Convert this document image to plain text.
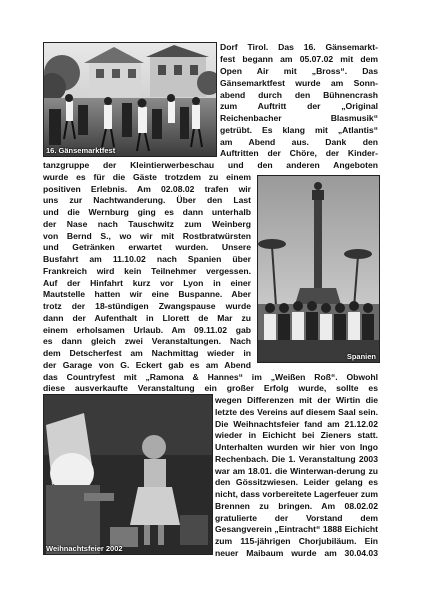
16. Gänsemarktfest
Spanien
Weihnachtsfeier 2002
Dorf Tirol. Das 16. Gänsemarkt-
fest begann am 05.07.02 mit dem
Open Air mit „Bross“. Das
Gänsemarktfest wurde am Sonn-
abend durch den Bühnencrash
zum Auftritt der „Original
Reichenbacher Blasmusik“
getrübt. Es klang mit „Atlantis“
am Abend aus. Dank den
Auftritten der Chöre, der Kinder-
tanzgruppe der Kleintierwerbeschau und den anderen Angeboten
wurde es für die Gäste trotzdem zu einem
positiven Erlebnis. Am 02.08.02 trafen wir
uns zur Nachtwanderung. Über den Last
und die Wernburg ging es dann unterhalb
der Nase nach Tauschwitz zum Weinberg
von Bernd S., wo wir mit Rostbratwürsten
und Getränken erwartet wurden. Unsere
Busfahrt am 11.10.02 nach Spanien über
Frankreich wird kein Teilnehmer vergessen.
Auf der Hinfahrt kurz vor Lyon in einer
Mautstelle hatten wir eine Buspanne. Aber
trotz der 18-stündigen Zwangspause wurde
dann der Aufenthalt in Llorett de Mar zu
einem erholsamen Urlaub. Am 09.11.02 gab
es dann gleich zwei Veranstaltungen. Nach
dem Detscherfest am Nachmittag wieder in
der Garage von G. Eckert gab es am Abend
das Countryfest mit „Ramona & Hannes“ im „Weißen Roß“. Obwohl
diese ausverkaufte Veranstaltung ein großer Erfolg wurde, sollte es
wegen Differenzen mit der Wirtin die
letzte des Vereins auf diesem Saal sein.
Die Weihnachtsfeier fand am 21.12.02
wieder in Eichicht bei Zieners statt.
Unterhalten wurden wir hier von Ingo
Rechenbach. Die 1. Veranstaltung 2003
war am 18.01. die Winterwan-derung zu
den Gössitzwiesen. Leider gelang es
nicht, dass vorbereitete Lagerfeuer zum
Brennen zu bringen. Am 08.02.02
gratulierte der Vorstand dem
Gesangverein „Eintracht“ 1888 Eichicht
zum 115-jährigen Chorjubiläum. Ein
neuer Maibaum wurde am 30.04.03
